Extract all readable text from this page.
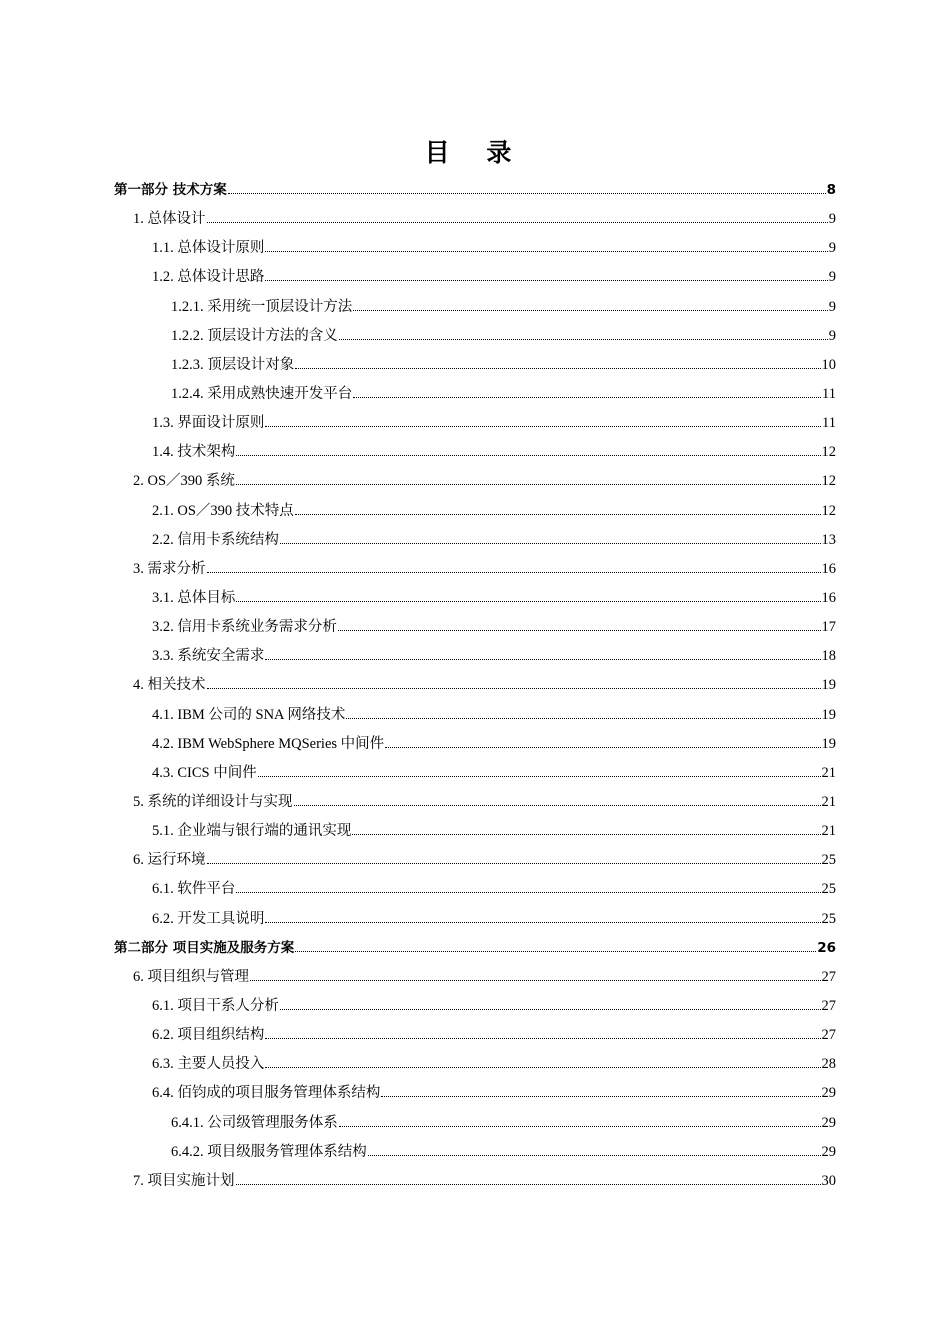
目 录
第一部分 技术方案	8
1. 总体设计	9
1.1. 总体设计原则	9
1.2. 总体设计思路	9
1.2.1. 采用统一顶层设计方法	9
1.2.2. 顶层设计方法的含义	9
1.2.3. 顶层设计对象	10
1.2.4. 采用成熟快速开发平台	11
1.3. 界面设计原则	11
1.4. 技术架构	12
2. OS／390 系统	12
2.1. OS／390 技术特点	12
2.2. 信用卡系统结构	13
3. 需求分析	16
3.1. 总体目标	16
3.2. 信用卡系统业务需求分析	17
3.3. 系统安全需求	18
4. 相关技术	19
4.1. IBM 公司的 SNA 网络技术	19
4.2. IBM WebSphere MQSeries 中间件	19
4.3. CICS 中间件	21
5. 系统的详细设计与实现	21
5.1. 企业端与银行端的通讯实现	21
6. 运行环境	25
6.1. 软件平台	25
6.2. 开发工具说明	25
第二部分 项目实施及服务方案	26
6. 项目组织与管理	27
6.1. 项目干系人分析	27
6.2. 项目组织结构	27
6.3. 主要人员投入	28
6.4. 佰钧成的项目服务管理体系结构	29
6.4.1. 公司级管理服务体系	29
6.4.2. 项目级服务管理体系结构	29
7. 项目实施计划	30
